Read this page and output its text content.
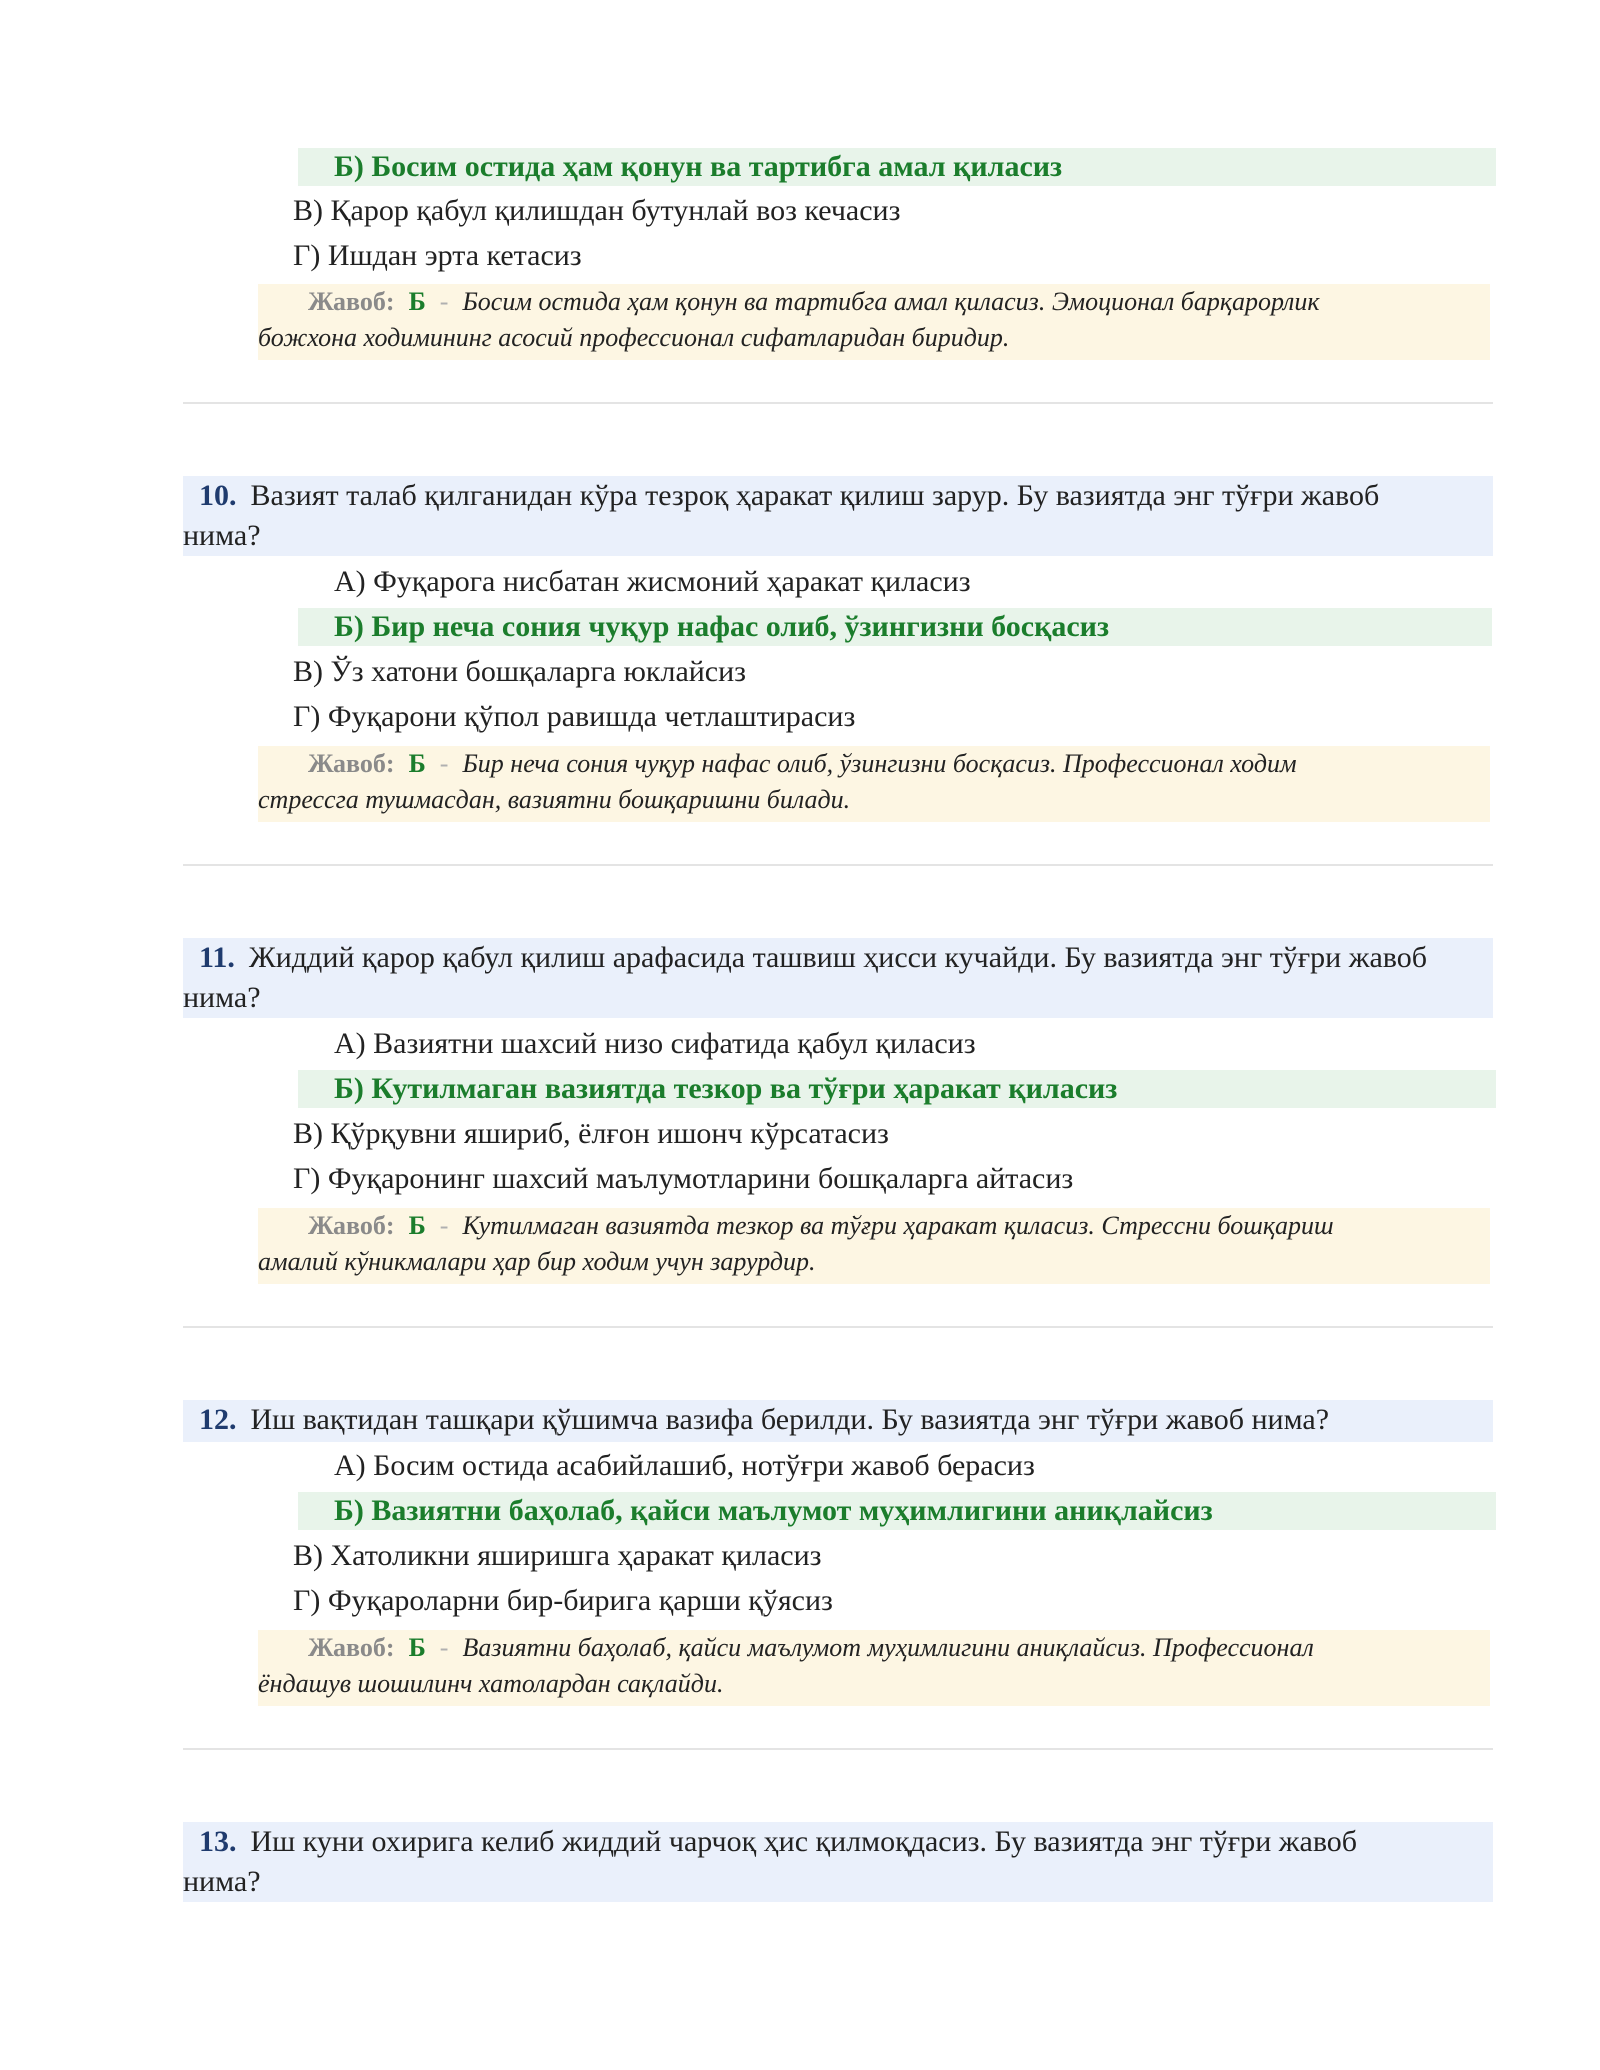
Б) Босим остида ҳам қонун ва тартибга амал қиласиз
В) Қарор қабул қилишдан бутунлай воз кечасиз
Г) Ишдан эрта кетасиз
Жавоб: Б - Босим остида ҳам қонун ва тартибга амал қиласиз. Эмоционал барқарорлик
божхона ходимининг асосий профессионал сифатларидан биридир.
10. Вазият талаб қилганидан кўра тезроқ ҳаракат қилиш зарур. Бу вазиятда энг тўғри жавоб
нима?
А) Фуқарога нисбатан жисмоний ҳаракат қиласиз
Б) Бир неча сония чуқур нафас олиб, ўзингизни босқасиз
В) Ўз хатони бошқаларга юклайсиз
Г) Фуқарони қўпол равишда четлаштирасиз
Жавоб: Б - Бир неча сония чуқур нафас олиб, ўзингизни босқасиз. Профессионал ходим
стрессга тушмасдан, вазиятни бошқаришни билади.
11. Жиддий қарор қабул қилиш арафасида ташвиш ҳисси кучайди. Бу вазиятда энг тўғри жавоб
нима?
А) Вазиятни шахсий низо сифатида қабул қиласиз
Б) Кутилмаган вазиятда тезкор ва тўғри ҳаракат қиласиз
В) Қўрқувни яшириб, ёлғон ишонч кўрсатасиз
Г) Фуқаронинг шахсий маълумотларини бошқаларга айтасиз
Жавоб: Б - Кутилмаган вазиятда тезкор ва тўғри ҳаракат қиласиз. Стрессни бошқариш
амалий кўникмалари ҳар бир ходим учун зарурдир.
12. Иш вақтидан ташқари қўшимча вазифа берилди. Бу вазиятда энг тўғри жавоб нима?
А) Босим остида асабийлашиб, нотўғри жавоб берасиз
Б) Вазиятни баҳолаб, қайси маълумот муҳимлигини аниқлайсиз
В) Хатоликни яширишга ҳаракат қиласиз
Г) Фуқароларни бир-бирига қарши қўясиз
Жавоб: Б - Вазиятни баҳолаб, қайси маълумот муҳимлигини аниқлайсиз. Профессионал
ёндашув шошилинч хатолардан сақлайди.
13. Иш куни охирига келиб жиддий чарчоқ ҳис қилмоқдасиз. Бу вазиятда энг тўғри жавоб
нима?
